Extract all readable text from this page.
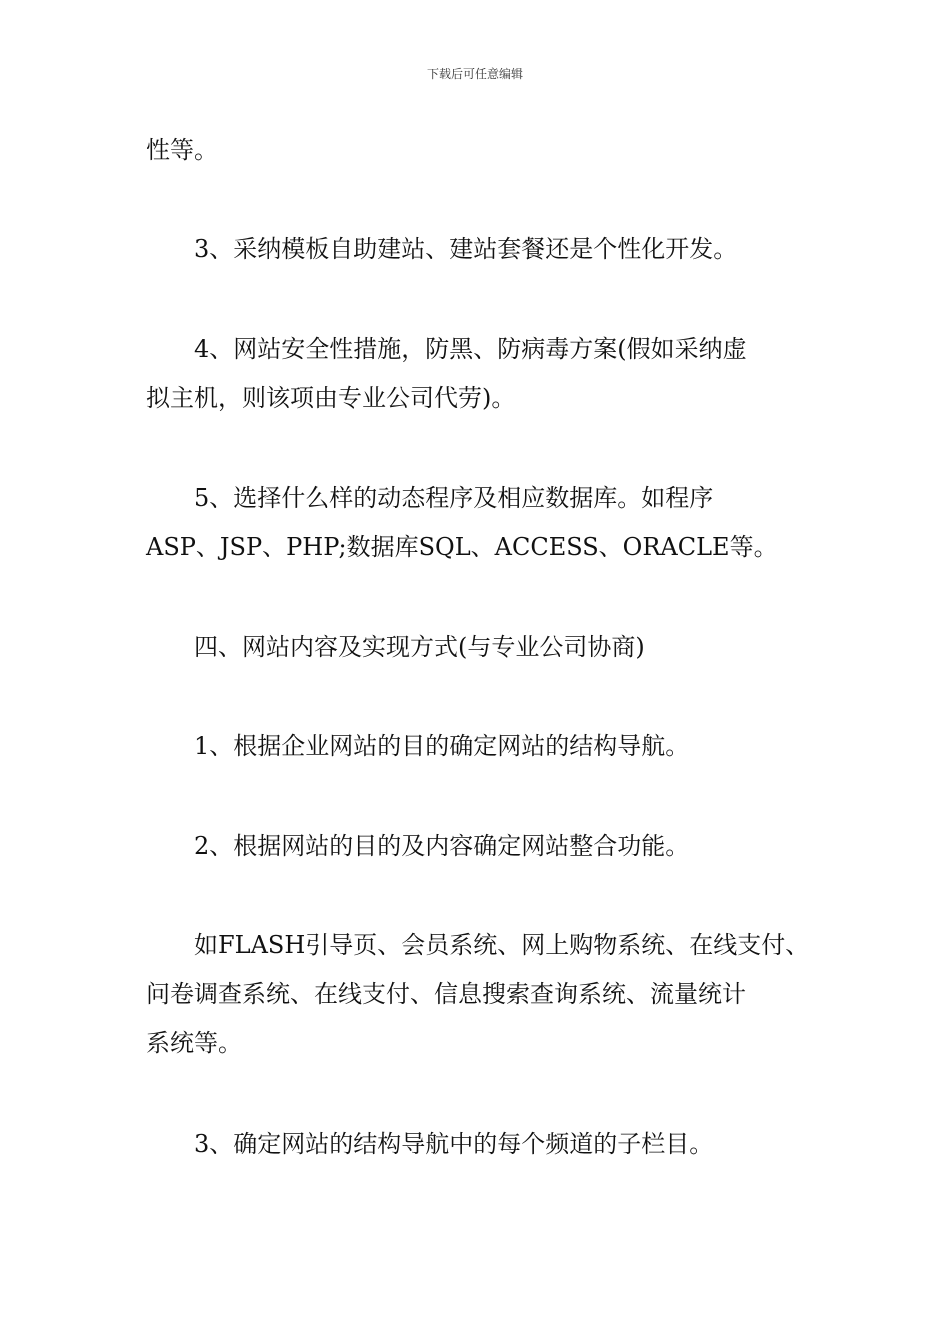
下载后可任意编辑
性等。
3、采纳模板自助建站、建站套餐还是个性化开发。
4、网站安全性措施，防黑、防病毒方案(假如采纳虚
拟主机，则该项由专业公司代劳)。
5、选择什么样的动态程序及相应数据库。如程序
ASP、JSP、PHP;数据库SQL、ACCESS、ORACLE等。
四、网站内容及实现方式(与专业公司协商)
1、根据企业网站的目的确定网站的结构导航。
2、根据网站的目的及内容确定网站整合功能。
如FLASH引导页、会员系统、网上购物系统、在线支付、
问卷调查系统、在线支付、信息搜索查询系统、流量统计
系统等。
3、确定网站的结构导航中的每个频道的子栏目。
